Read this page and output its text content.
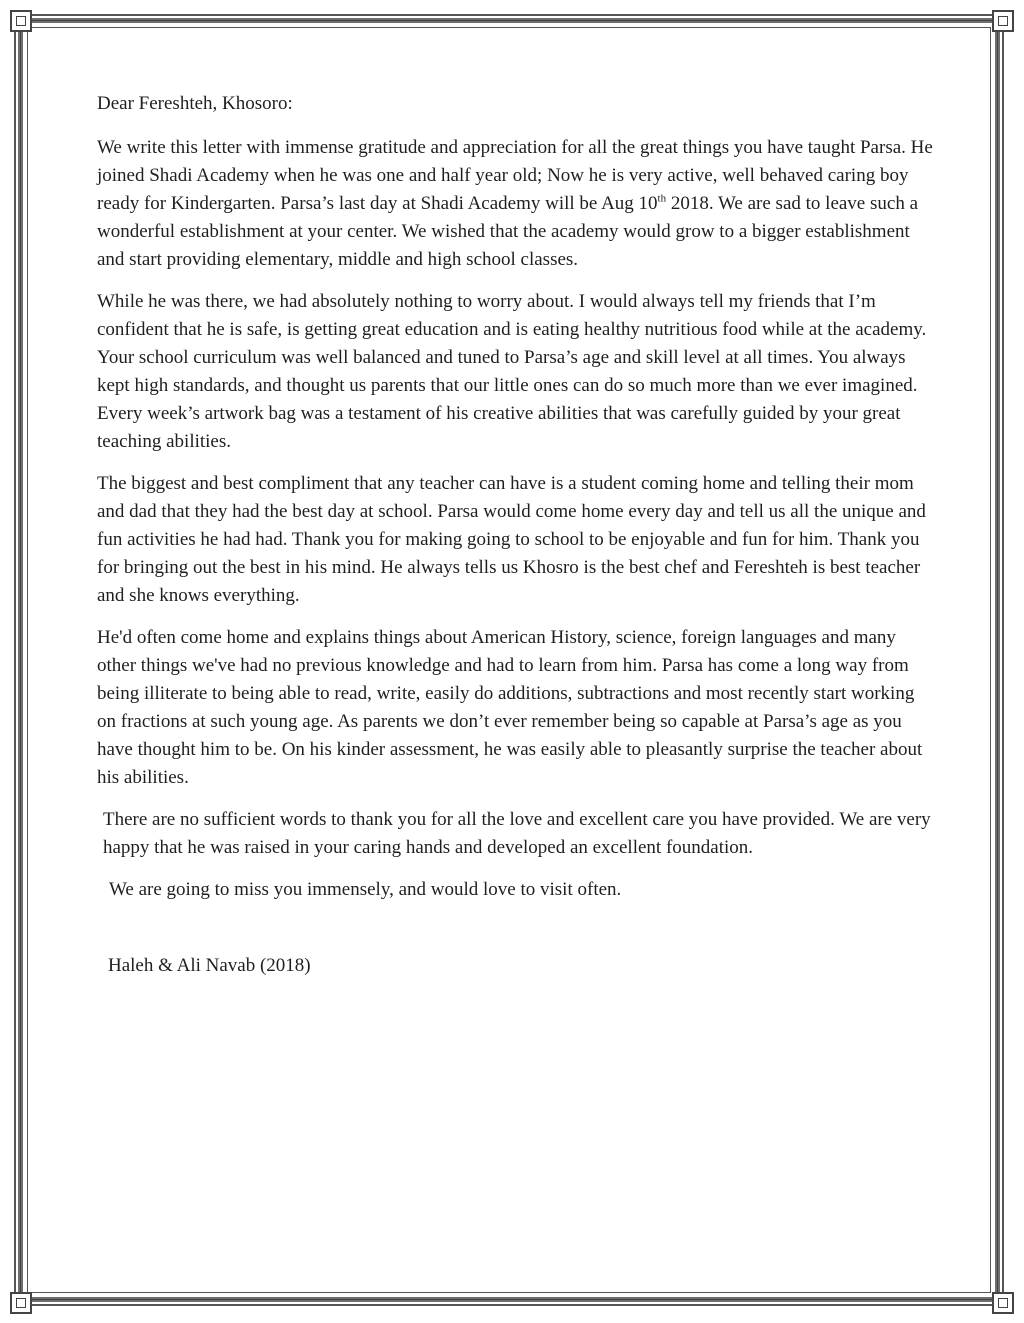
Dear Fereshteh, Khosoro:

We write this letter with immense gratitude and appreciation for all the great things you have taught Parsa. He joined Shadi Academy when he was one and half year old; Now he is very active, well behaved caring boy ready for Kindergarten. Parsa’s last day at Shadi Academy will be Aug 10th 2018. We are sad to leave such a wonderful establishment at your center. We wished that the academy would grow to a bigger establishment and start providing elementary, middle and high school classes.

While he was there, we had absolutely nothing to worry about. I would always tell my friends that I’m confident that he is safe, is getting great education and is eating healthy nutritious food while at the academy. Your school curriculum was well balanced and tuned to Parsa’s age and skill level at all times. You always kept high standards, and thought us parents that our little ones can do so much more than we ever imagined. Every week’s artwork bag was a testament of his creative abilities that was carefully guided by your great teaching abilities.

The biggest and best compliment that any teacher can have is a student coming home and telling their mom and dad that they had the best day at school. Parsa would come home every day and tell us all the unique and fun activities he had had. Thank you for making going to school to be enjoyable and fun for him. Thank you for bringing out the best in his mind. He always tells us Khosro is the best chef and Fereshteh is best teacher and she knows everything.

He'd often come home and explains things about American History, science, foreign languages and many other things we've had no previous knowledge and had to learn from him. Parsa has come a long way from being illiterate to being able to read, write, easily do additions, subtractions and most recently start working on fractions at such young age. As parents we don’t ever remember being so capable at Parsa’s age as you have thought him to be. On his kinder assessment, he was easily able to pleasantly surprise the teacher about his abilities.

There are no sufficient words to thank you for all the love and excellent care you have provided. We are very happy that he was raised in your caring hands and developed an excellent foundation.

We are going to miss you immensely, and would love to visit often.

Haleh & Ali Navab (2018)
